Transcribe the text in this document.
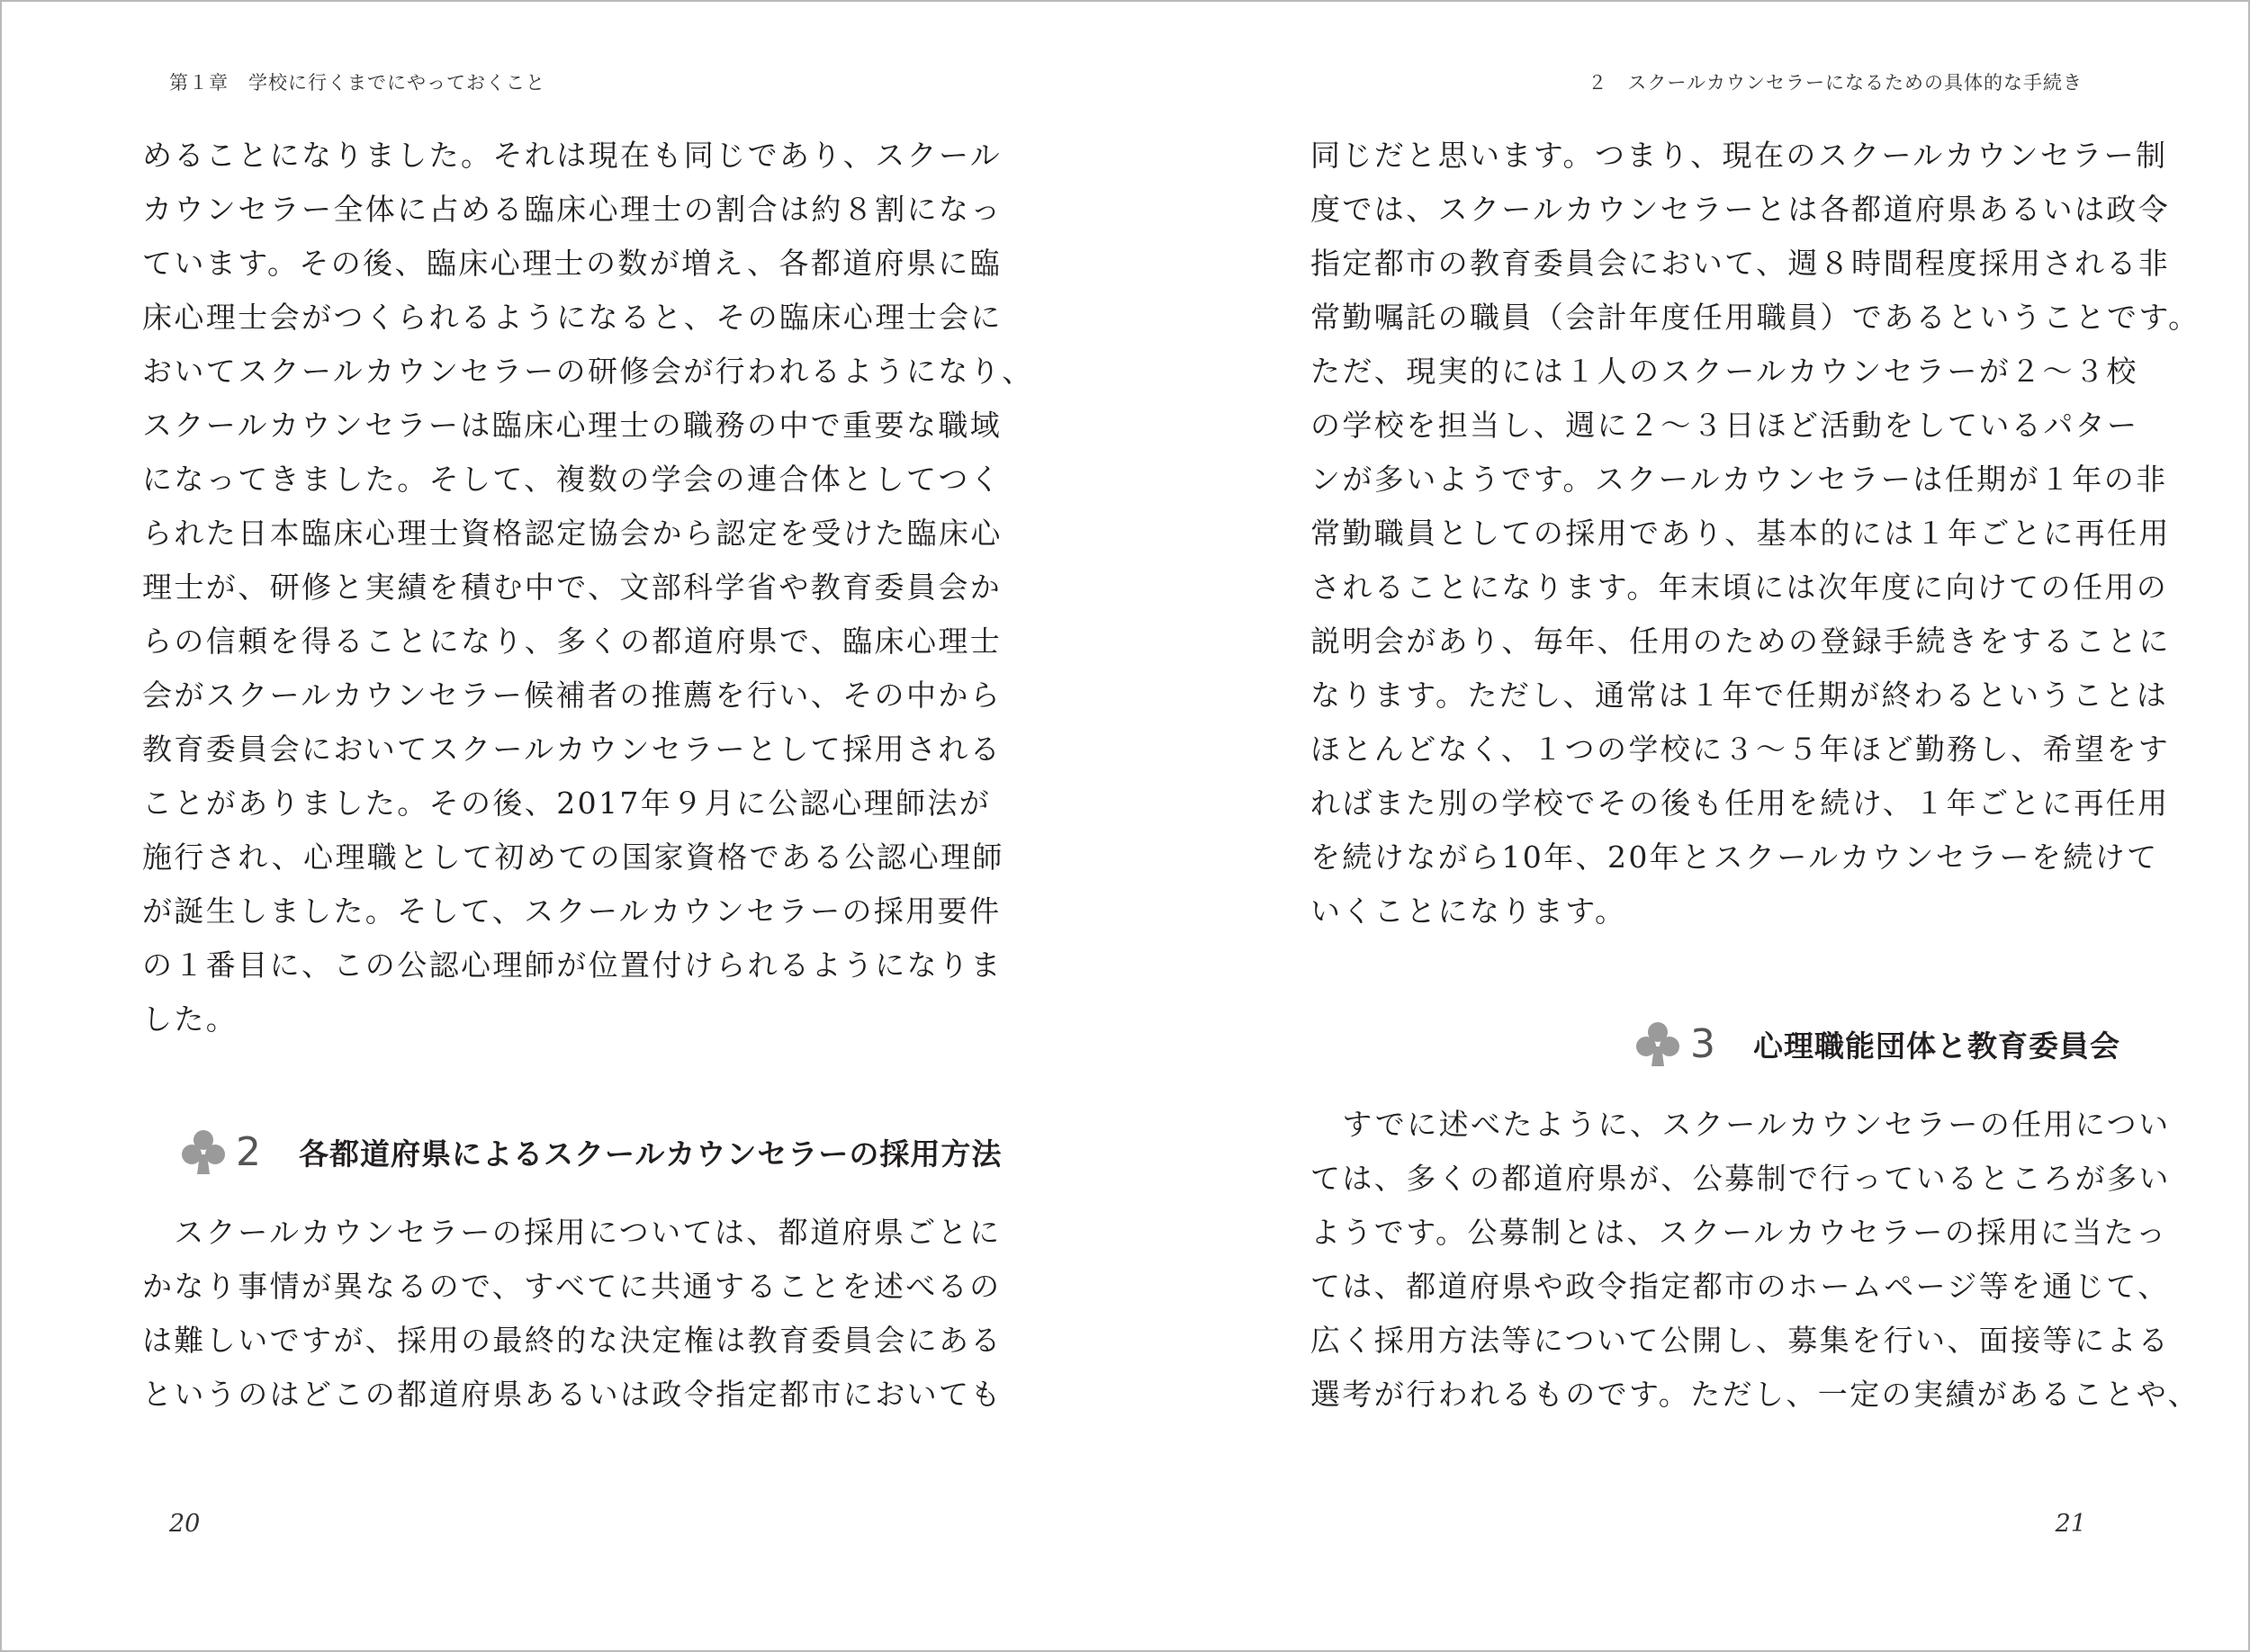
第１章　学校に行くまでにやっておくこと
めることになりました。それは現在も同じであり、スクール
カウンセラー全体に占める臨床心理士の割合は約８割になっ
ています。その後、臨床心理士の数が増え、各都道府県に臨
床心理士会がつくられるようになると、その臨床心理士会に
おいてスクールカウンセラーの研修会が行われるようになり、
スクールカウンセラーは臨床心理士の職務の中で重要な職域
になってきました。そして、複数の学会の連合体としてつく
られた日本臨床心理士資格認定協会から認定を受けた臨床心
理士が、研修と実績を積む中で、文部科学省や教育委員会か
らの信頼を得ることになり、多くの都道府県で、臨床心理士
会がスクールカウンセラー候補者の推薦を行い、その中から
教育委員会においてスクールカウンセラーとして採用される
ことがありました。その後、2017年９月に公認心理師法が
施行され、心理職として初めての国家資格である公認心理師
が誕生しました。そして、スクールカウンセラーの採用要件
の１番目に、この公認心理師が位置付けられるようになりま
した。
2 各都道府県によるスクールカウンセラーの採用方法
　スクールカウンセラーの採用については、都道府県ごとに
かなり事情が異なるので、すべてに共通することを述べるの
は難しいですが、採用の最終的な決定権は教育委員会にある
というのはどこの都道府県あるいは政令指定都市においても
20
２　スクールカウンセラーになるための具体的な手続き
同じだと思います。つまり、現在のスクールカウンセラー制
度では、スクールカウンセラーとは各都道府県あるいは政令
指定都市の教育委員会において、週８時間程度採用される非
常勤嘱託の職員（会計年度任用職員）であるということです。
ただ、現実的には１人のスクールカウンセラーが２～３校
の学校を担当し、週に２～３日ほど活動をしているパター
ンが多いようです。スクールカウンセラーは任期が１年の非
常勤職員としての採用であり、基本的には１年ごとに再任用
されることになります。年末頃には次年度に向けての任用の
説明会があり、毎年、任用のための登録手続きをすることに
なります。ただし、通常は１年で任期が終わるということは
ほとんどなく、１つの学校に３～５年ほど勤務し、希望をす
ればまた別の学校でその後も任用を続け、１年ごとに再任用
を続けながら10年、20年とスクールカウンセラーを続けて
いくことになります。
3 心理職能団体と教育委員会
　すでに述べたように、スクールカウンセラーの任用につい
ては、多くの都道府県が、公募制で行っているところが多い
ようです。公募制とは、スクールカウセラーの採用に当たっ
ては、都道府県や政令指定都市のホームページ等を通じて、
広く採用方法等について公開し、募集を行い、面接等による
選考が行われるものです。ただし、一定の実績があることや、
21
